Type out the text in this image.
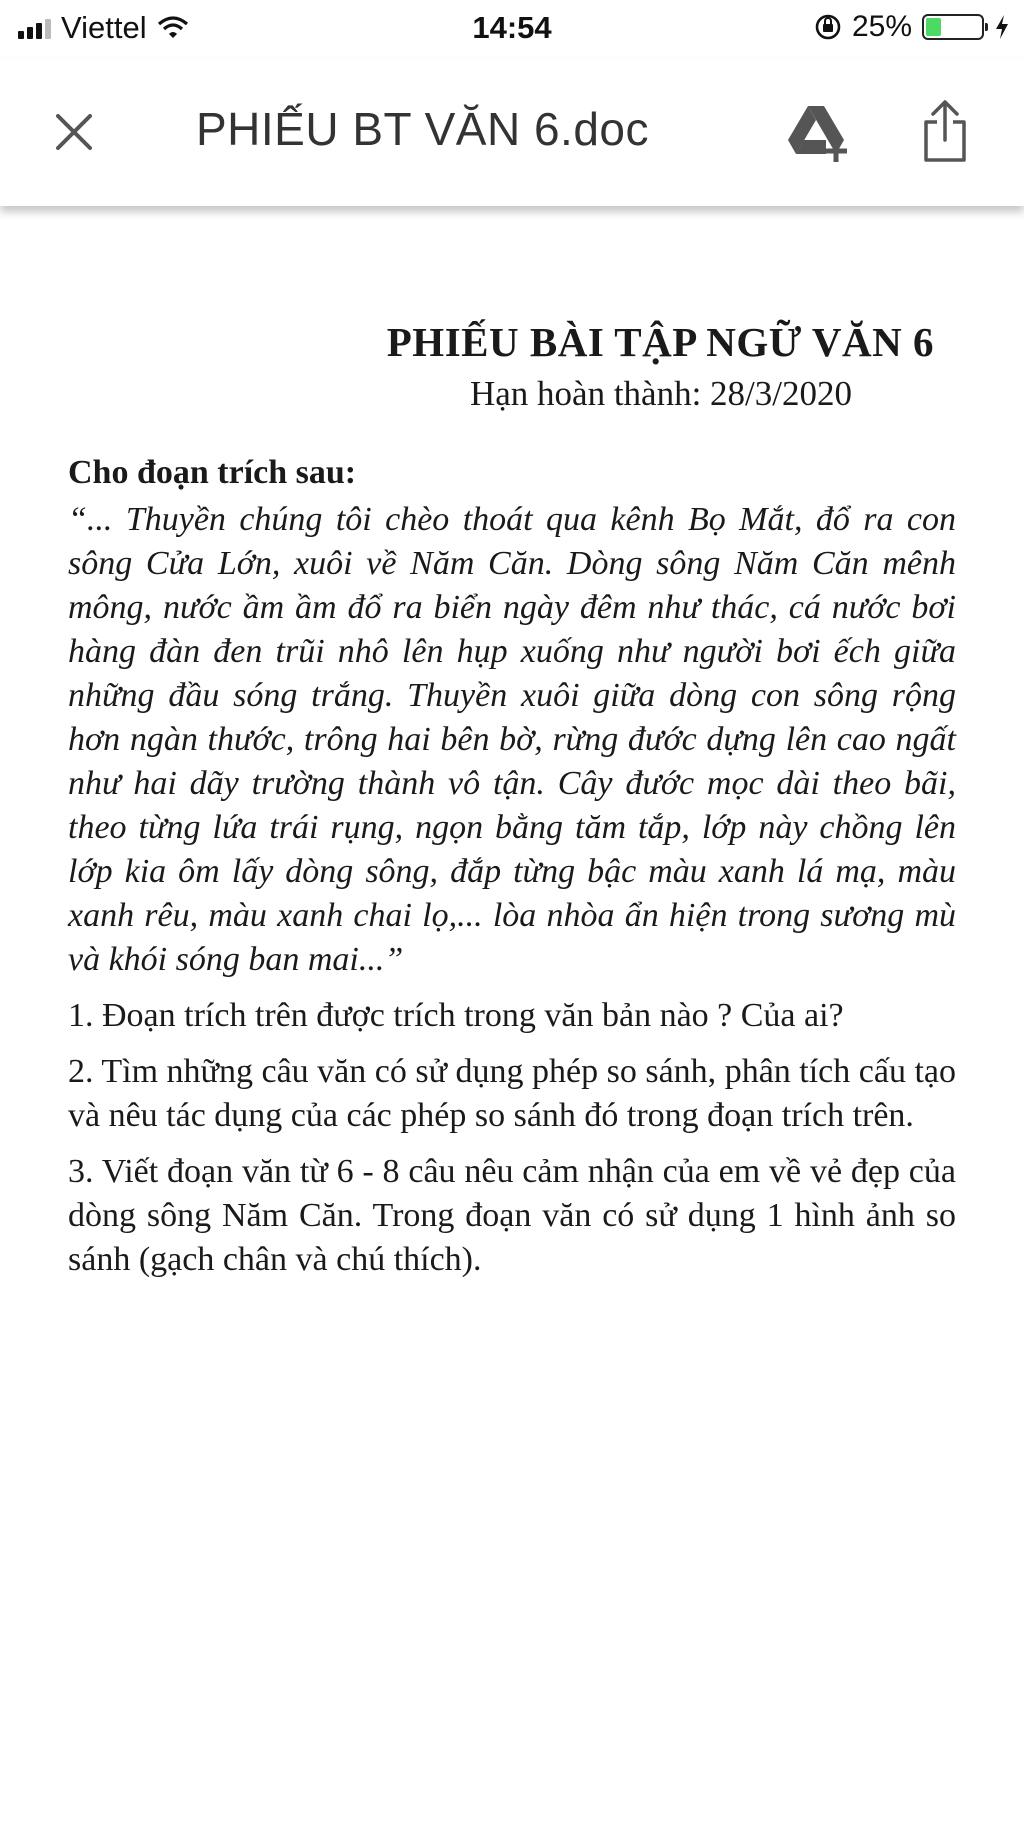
Viettel	14:54	25%
PHIẾU BT VĂN 6.doc
PHIẾU BÀI TẬP NGỮ VĂN 6
Hạn hoàn thành: 28/3/2020
Cho đoạn trích sau:

“... Thuyền chúng tôi chèo thoát qua kênh Bọ Mắt, đổ ra con sông Cửa Lớn, xuôi về Năm Căn. Dòng sông Năm Căn mênh mông, nước ầm ầm đổ ra biển ngày đêm như thác, cá nước bơi hàng đàn đen trũi nhô lên hụp xuống như người bơi ếch giữa những đầu sóng trắng. Thuyền xuôi giữa dòng con sông rộng hơn ngàn thước, trông hai bên bờ, rừng đước dựng lên cao ngất như hai dãy trường thành vô tận. Cây đước mọc dài theo bãi, theo từng lứa trái rụng, ngọn bằng tăm tắp, lớp này chồng lên lớp kia ôm lấy dòng sông, đắp từng bậc màu xanh lá mạ, màu xanh rêu, màu xanh chai lọ,... lòa nhòa ẩn hiện trong sương mù và khói sóng ban mai...”

1. Đoạn trích trên được trích trong văn bản nào ? Của ai?

2. Tìm những câu văn có sử dụng phép so sánh, phân tích cấu tạo và nêu tác dụng của các phép so sánh đó trong đoạn trích trên.

3. Viết đoạn văn từ 6 - 8 câu nêu cảm nhận của em về vẻ đẹp của dòng sông Năm Căn. Trong đoạn văn có sử dụng 1 hình ảnh so sánh (gạch chân và chú thích).
